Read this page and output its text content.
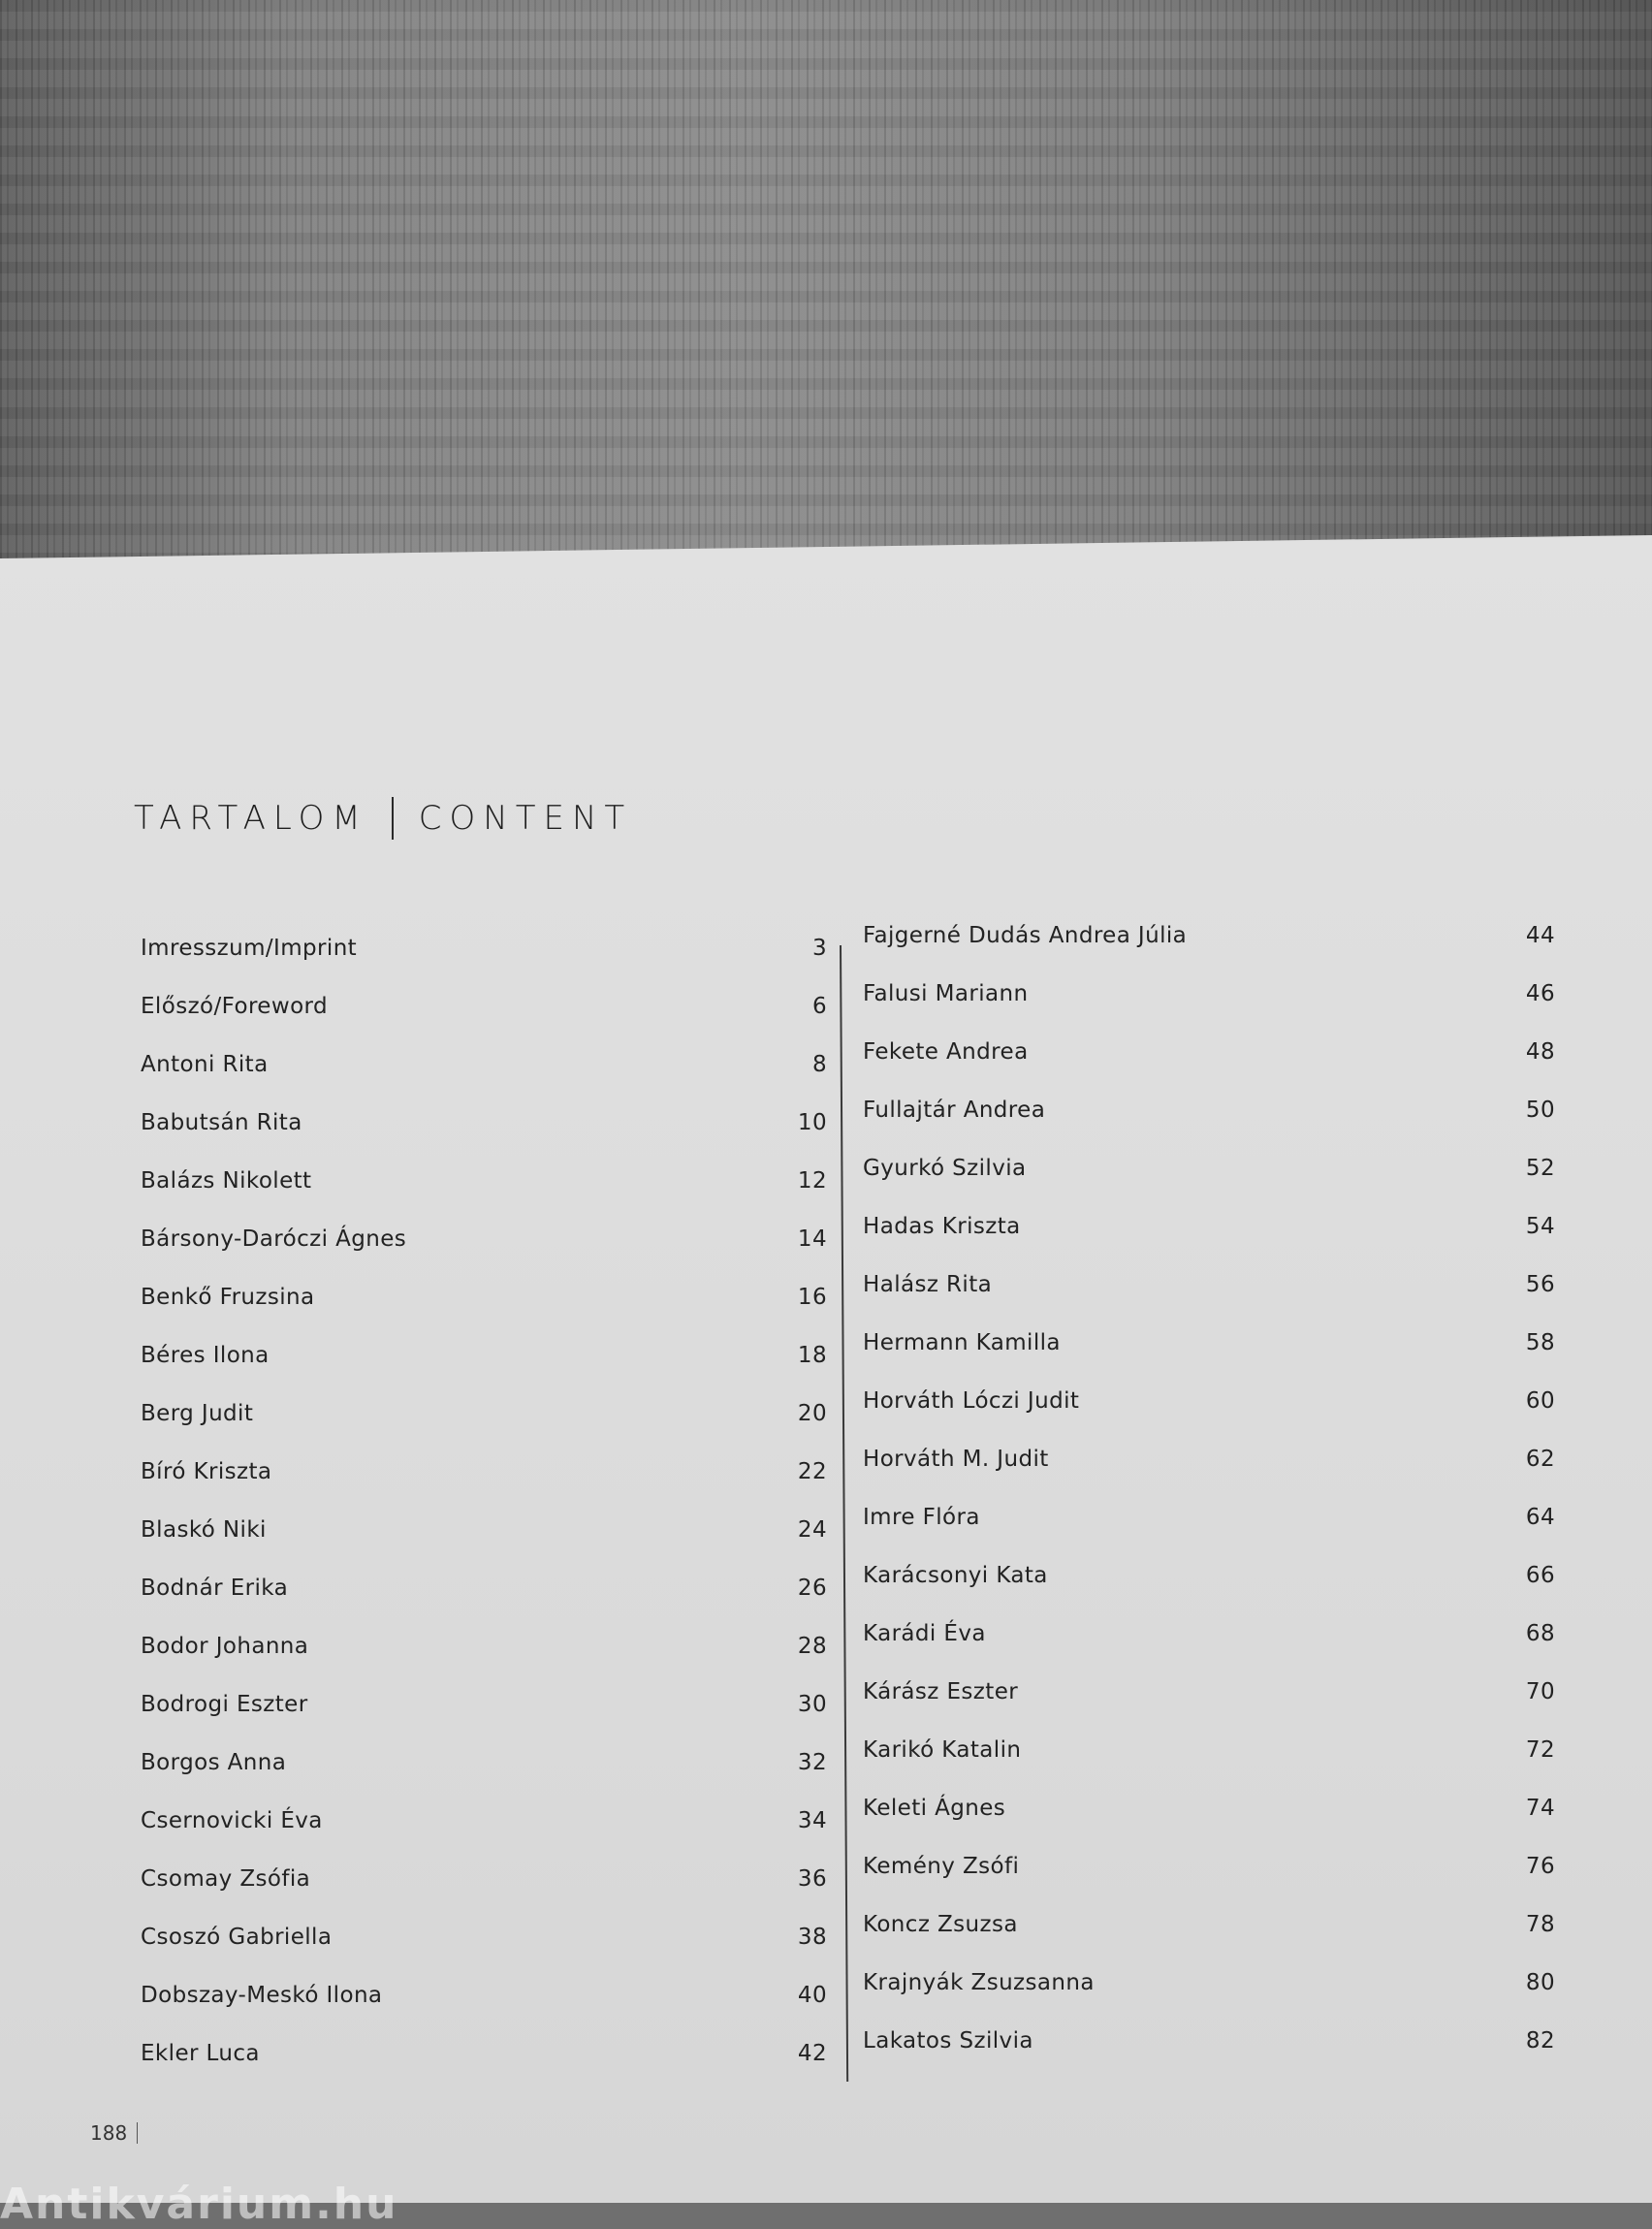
TARTALOM CONTENT
Imresszum/Imprint	3
Előszó/Foreword	6
Antoni Rita	8
Babutsán Rita	10
Balázs Nikolett	12
Bársony-Daróczi Ágnes	14
Benkő Fruzsina	16
Béres Ilona	18
Berg Judit	20
Bíró Kriszta	22
Blaskó Niki	24
Bodnár Erika	26
Bodor Johanna	28
Bodrogi Eszter	30
Borgos Anna	32
Csernovicki Éva	34
Csomay Zsófia	36
Csoszó Gabriella	38
Dobszay-Meskó Ilona	40
Ekler Luca	42
Fajgerné Dudás Andrea Júlia	44
Falusi Mariann	46
Fekete Andrea	48
Fullajtár Andrea	50
Gyurkó Szilvia	52
Hadas Kriszta	54
Halász Rita	56
Hermann Kamilla	58
Horváth Lóczi Judit	60
Horváth M. Judit	62
Imre Flóra	64
Karácsonyi Kata	66
Karádi Éva	68
Kárász Eszter	70
Karikó Katalin	72
Keleti Ágnes	74
Kemény Zsófi	76
Koncz Zsuzsa	78
Krajnyák Zsuzsanna	80
Lakatos Szilvia	82
188
Antikvárium.hu
